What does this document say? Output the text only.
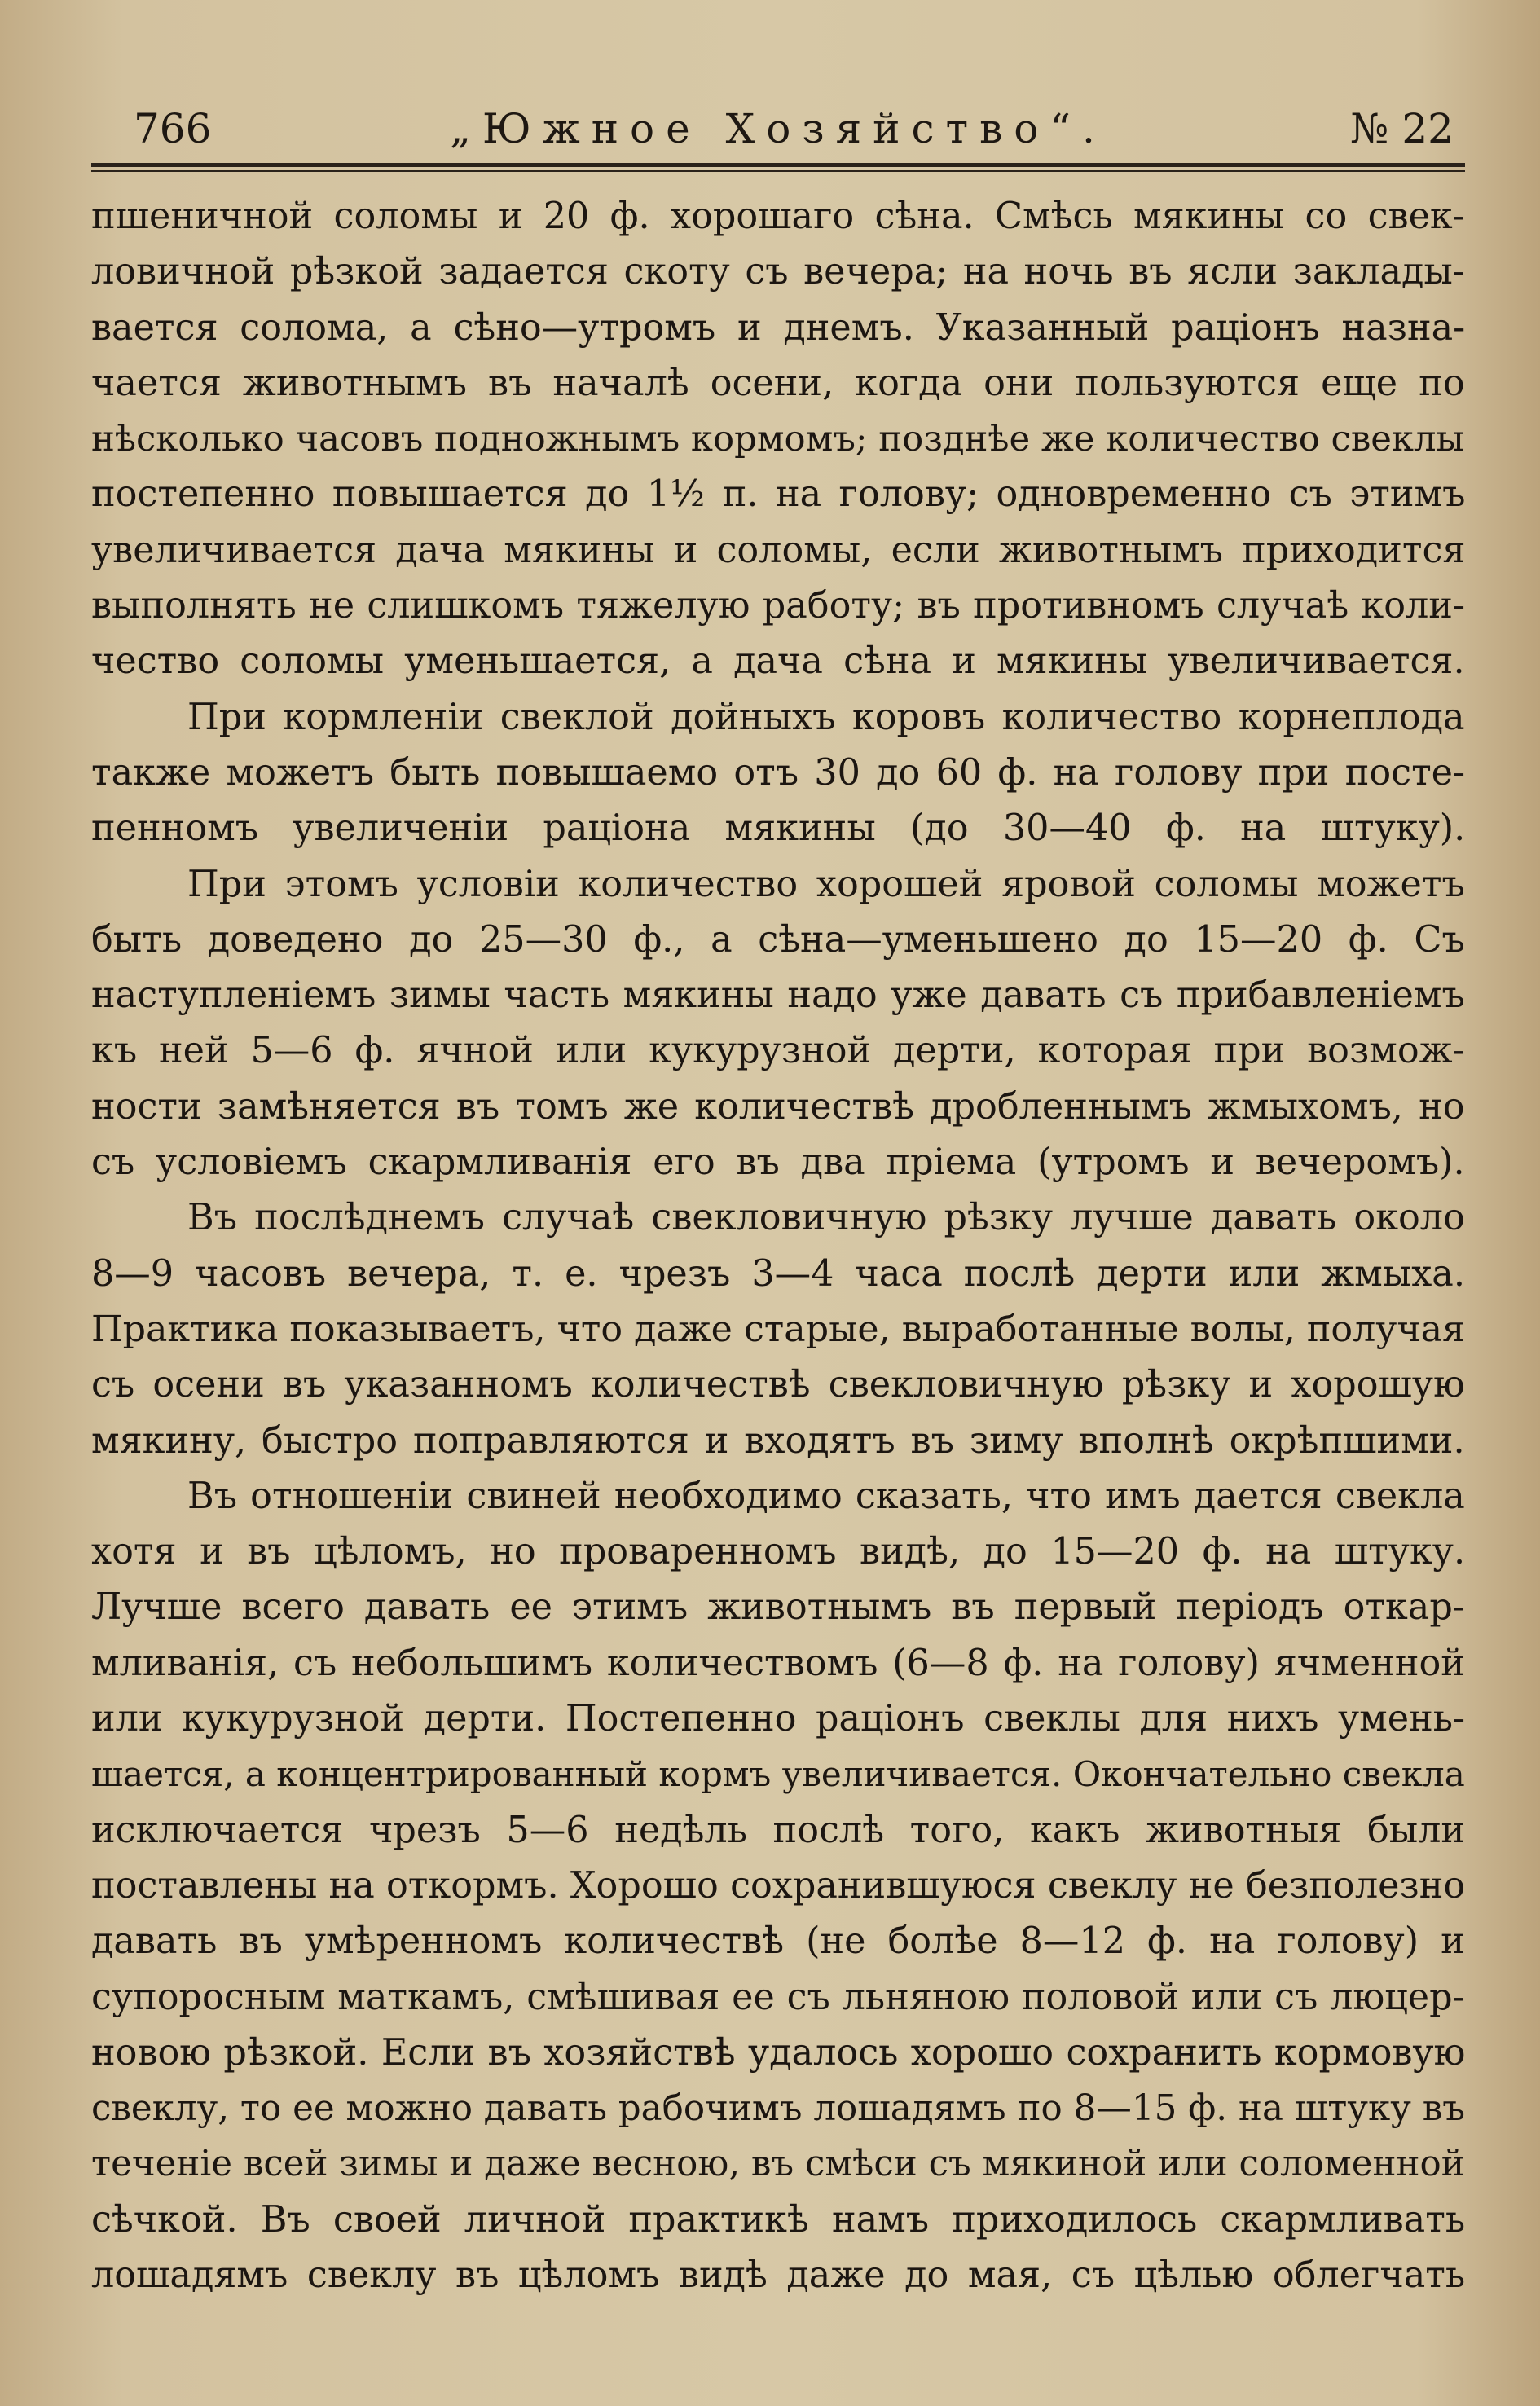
766	„Южное Хозяйство“.	№ 22
пшеничной соломы и 20 ф. хорошаго сѣна. Смѣсь мякины со свек-
ловичной рѣзкой задается скоту съ вечера; на ночь въ ясли заклады-
вается солома, а сѣно—утромъ и днемъ. Указанный раціонъ назна-
чается животнымъ въ началѣ осени, когда они пользуются еще по
нѣсколько часовъ подножнымъ кормомъ; позднѣе же количество свеклы
постепенно повышается до 1½ п. на голову; одновременно съ этимъ
увеличивается дача мякины и соломы, если животнымъ приходится
выполнять не слишкомъ тяжелую работу; въ противномъ случаѣ коли-
чество соломы уменьшается, а дача сѣна и мякины увеличивается.
При кормленіи свеклой дойныхъ коровъ количество корнеплода
также можетъ быть повышаемо отъ 30 до 60 ф. на голову при посте-
пенномъ увеличеніи раціона мякины (до 30—40 ф. на штуку).
При этомъ условіи количество хорошей яровой соломы можетъ
быть доведено до 25—30 ф., а сѣна—уменьшено до 15—20 ф. Съ
наступленіемъ зимы часть мякины надо уже давать съ прибавленіемъ
къ ней 5—6 ф. ячной или кукурузной дерти, которая при возмож-
ности замѣняется въ томъ же количествѣ дробленнымъ жмыхомъ, но
съ условіемъ скармливанія его въ два пріема (утромъ и вечеромъ).
Въ послѣднемъ случаѣ свекловичную рѣзку лучше давать около
8—9 часовъ вечера, т. е. чрезъ 3—4 часа послѣ дерти или жмыха.
Практика показываетъ, что даже старые, выработанные волы, получая
съ осени въ указанномъ количествѣ свекловичную рѣзку и хорошую
мякину, быстро поправляются и входятъ въ зиму вполнѣ окрѣпшими.
Въ отношеніи свиней необходимо сказать, что имъ дается свекла
хотя и въ цѣломъ, но проваренномъ видѣ, до 15—20 ф. на штуку.
Лучше всего давать ее этимъ животнымъ въ первый періодъ откар-
мливанія, съ небольшимъ количествомъ (6—8 ф. на голову) ячменной
или кукурузной дерти. Постепенно раціонъ свеклы для нихъ умень-
шается, а концентрированный кормъ увеличивается. Окончательно свекла
исключается чрезъ 5—6 недѣль послѣ того, какъ животныя были
поставлены на откормъ. Хорошо сохранившуюся свеклу не безполезно
давать въ умѣренномъ количествѣ (не болѣе 8—12 ф. на голову) и
супоросным маткамъ, смѣшивая ее съ льняною половой или съ люцер-
новою рѣзкой. Если въ хозяйствѣ удалось хорошо сохранить кормовую
свеклу, то ее можно давать рабочимъ лошадямъ по 8—15 ф. на штуку въ
теченіе всей зимы и даже весною, въ смѣси съ мякиной или соломенной
сѣчкой. Въ своей личной практикѣ намъ приходилось скармливать
лошадямъ свеклу въ цѣломъ видѣ даже до мая, съ цѣлью облегчать
